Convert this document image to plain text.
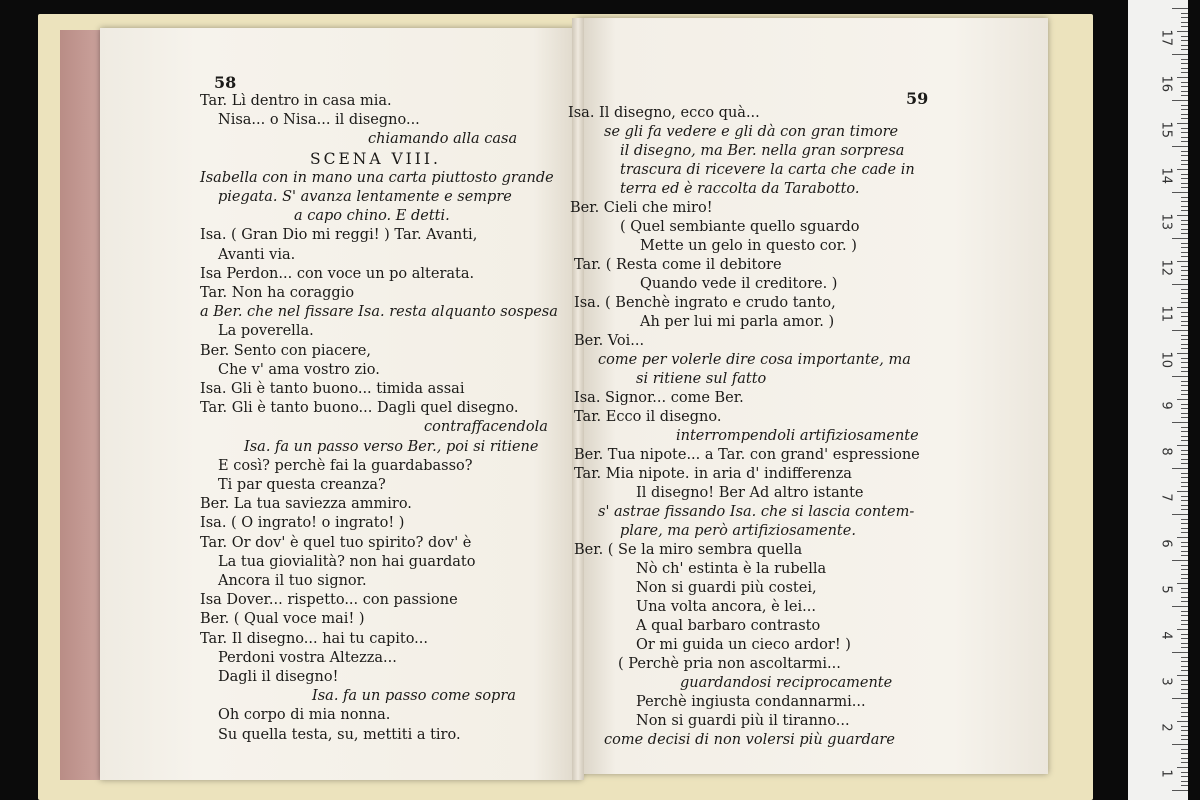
58
59
Tar. Lì dentro in casa mia.
Nisa... o Nisa... il disegno...
chiamando alla casa
SCENA VIII.
Isabella con in mano una carta piuttosto grande
piegata. S' avanza lentamente e sempre
a capo chino. E detti.
Isa. ( Gran Dio mi reggi! ) Tar. Avanti,
Avanti via.
Isa Perdon... con voce un po alterata.
Tar. Non ha coraggio
a Ber. che nel fissare Isa. resta alquanto sospesa
La poverella.
Ber. Sento con piacere,
Che v' ama vostro zio.
Isa. Gli è tanto buono... timida assai
Tar. Gli è tanto buono... Dagli quel disegno.
contraffacendola
Isa. fa un passo verso Ber., poi si ritiene
E così? perchè fai la guardabasso?
Ti par questa creanza?
Ber. La tua saviezza ammiro.
Isa. ( O ingrato! o ingrato! )
Tar. Or dov' è quel tuo spirito? dov' è
La tua giovialità? non hai guardato
Ancora il tuo signor.
Isa Dover... rispetto... con passione
Ber. ( Qual voce mai! )
Tar. Il disegno... hai tu capito...
Perdoni vostra Altezza...
Dagli il disegno!
Isa. fa un passo come sopra
Oh corpo di mia nonna.
Su quella testa, su, mettiti a tiro.
Isa. Il disegno, ecco quà...
se gli fa vedere e gli dà con gran timore
il disegno, ma Ber. nella gran sorpresa
trascura di ricevere la carta che cade in
terra ed è raccolta da Tarabotto.
Ber. Cieli che miro!
( Quel sembiante quello sguardo
Mette un gelo in questo cor. )
Tar. ( Resta come il debitore
Quando vede il creditore. )
Isa. ( Benchè ingrato e crudo tanto,
Ah per lui mi parla amor. )
Ber. Voi...
come per volerle dire cosa importante, ma
si ritiene sul fatto
Isa. Signor... come Ber.
Tar. Ecco il disegno.
interrompendoli artifiziosamente
Ber. Tua nipote... a Tar. con grand' espressione
Tar. Mia nipote. in aria d' indifferenza
Il disegno! Ber Ad altro istante
s' astrae fissando Isa. che si lascia contem-
plare, ma però artifiziosamente.
Ber. ( Se la miro sembra quella
Nò ch' estinta è la rubella
Non si guardi più costei,
Una volta ancora, è lei...
A qual barbaro contrasto
Or mi guida un cieco ardor! )
( Perchè pria non ascoltarmi...
guardandosi reciprocamente
Perchè ingiusta condannarmi...
Non si guardi più il tiranno...
come decisi di non volersi più guardare
17
16
15
14
13
12
11
10
9
8
7
6
5
4
3
2
1
